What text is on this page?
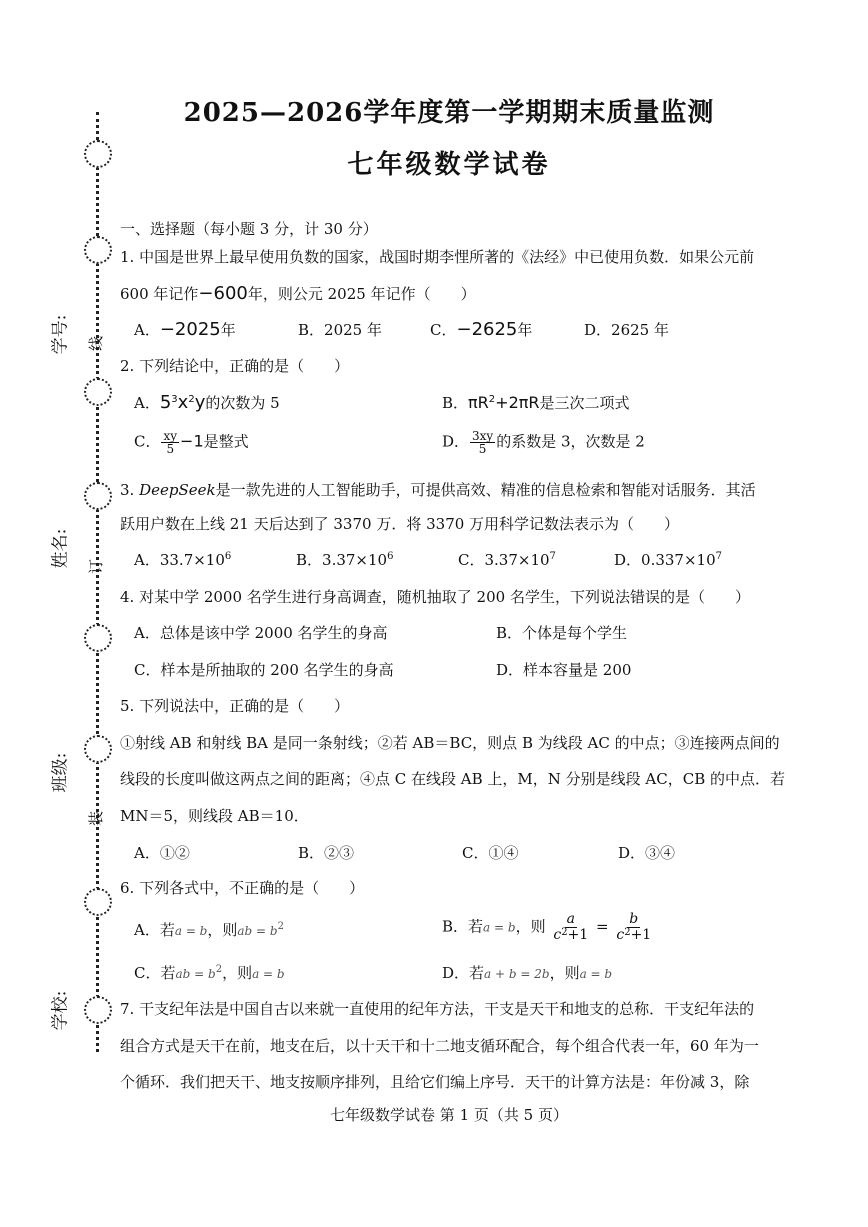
学号:
姓名:
班级:
学校:
线
订
装
2025—2026学年度第一学期期末质量监测
七年级数学试卷
一、选择题（每小题 3 分，计 30 分）
1. 中国是世界上最早使用负数的国家，战国时期李悝所著的《法经》中已使用负数．如果公元前
600 年记作−600年，则公元 2025 年记作（　　）
A．−2025年	B．2025 年	C．−2625年	D．2625 年
2. 下列结论中，正确的是（　　）
A．$5^3x^2y$的次数为 5	B．$\pi R^2+2\pi R$是三次二项式
C． $\frac{xy}{5} -1$是整式	D． $\frac{3xy}{5}$ 的系数是 3，次数是 2
3. DeepSeek是一款先进的人工智能助手，可提供高效、精准的信息检索和智能对话服务．其活
跃用户数在上线 21 天后达到了 3370 万．将 3370 万用科学记数法表示为（　　）
A．$33.7\times 10^6$	B．$3.37\times 10^6$	C．$3.37\times 10^7$	D．$0.337\times 10^7$
4. 对某中学 2000 名学生进行身高调查，随机抽取了 200 名学生，下列说法错误的是（　　）
A．总体是该中学 2000 名学生的身高	B．个体是每个学生
C．样本是所抽取的 200 名学生的身高	D．样本容量是 200
5. 下列说法中，正确的是（　　）
①射线 AB 和射线 BA 是同一条射线；②若 AB＝BC，则点 B 为线段 AC 的中点；③连接两点间的
线段的长度叫做这两点之间的距离；④点 C 在线段 AB 上，M，N 分别是线段 AC，CB 的中点．若
MN＝5，则线段 AB＝10．
A．①②	B．②③	C．①④	D．③④
6. 下列各式中，不正确的是（　　）
A．若a = b，则ab = $b^2$	B．若a = b，则 $\frac{a}{c^2+1} = \frac{b}{c^2+1}$
C．若ab = $b^2$，则a = b	D．若a + b = 2b，则a = b
7. 干支纪年法是中国自古以来就一直使用的纪年方法，干支是天干和地支的总称．干支纪年法的
组合方式是天干在前，地支在后，以十天干和十二地支循环配合，每个组合代表一年，60 年为一
个循环．我们把天干、地支按顺序排列，且给它们编上序号．天干的计算方法是：年份减 3，除
七年级数学试卷 第 1 页（共 5 页）
